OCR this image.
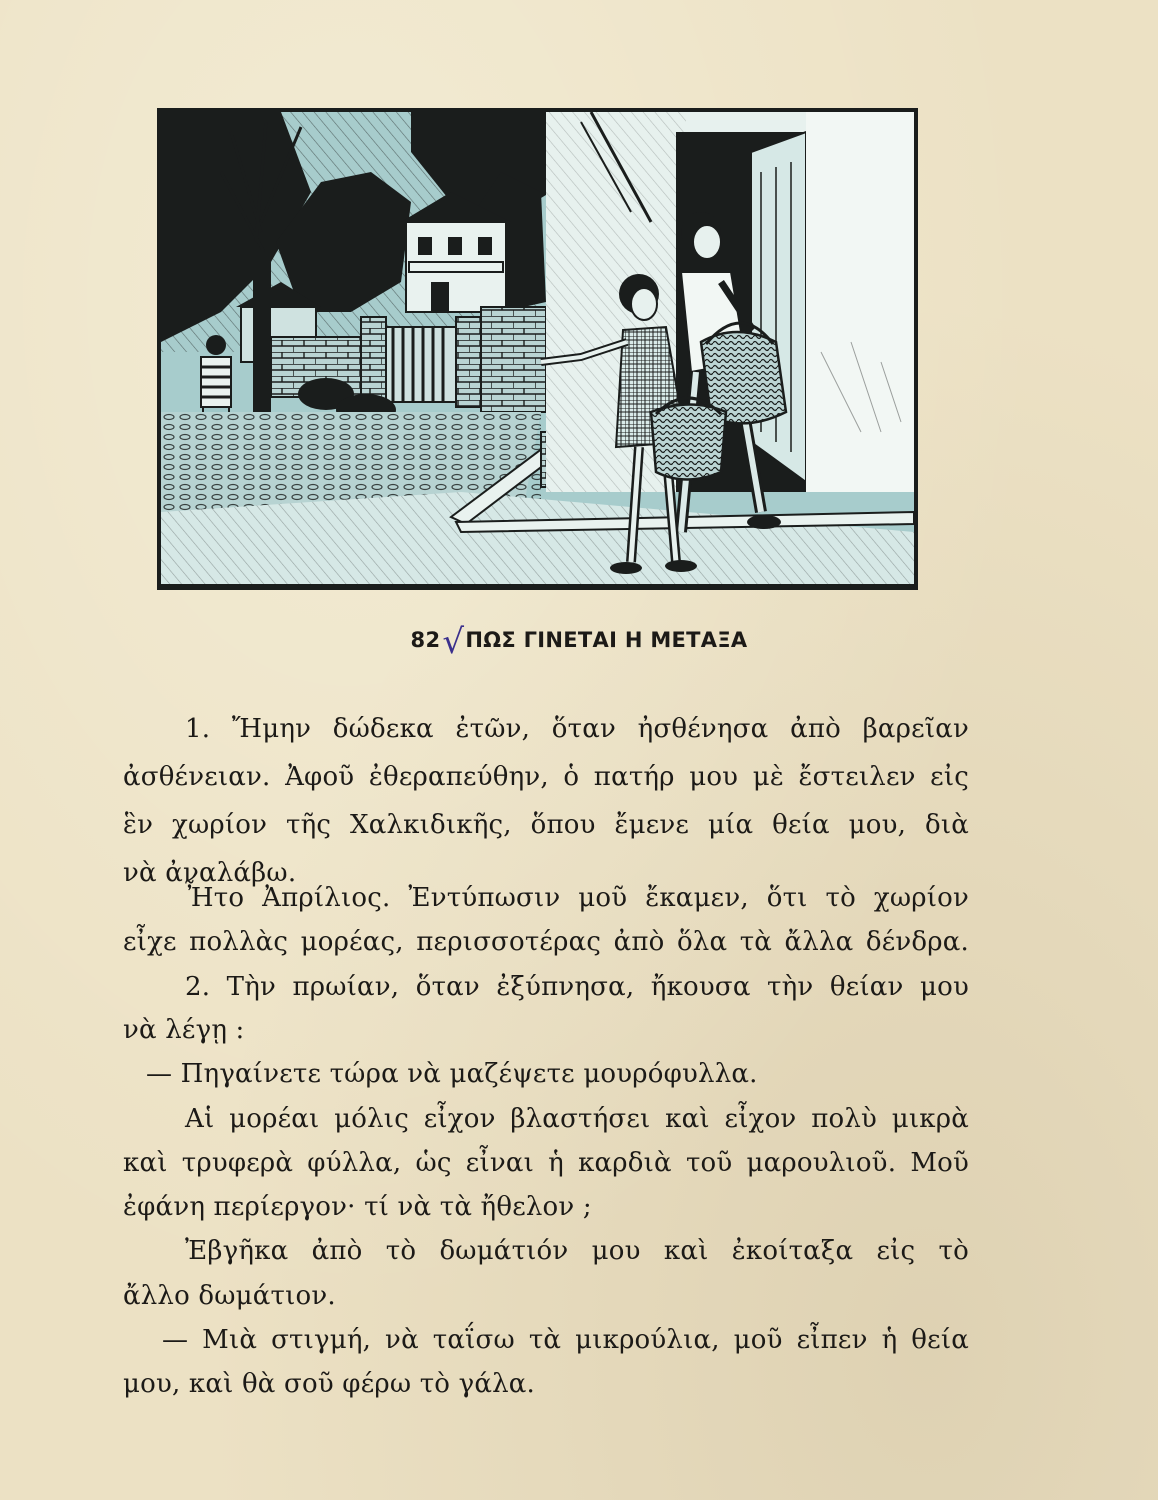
82√ΠΩΣ ΓΙΝΕΤΑΙ Η ΜΕΤΑΞΑ
1. Ἤμην δώδεκα ἐτῶν, ὅταν ἠσθένησα ἀπὸ βαρεῖαν
ἀσθένειαν. Ἀφοῦ ἐθεραπεύθην, ὁ πατήρ μου μὲ ἔστειλεν εἰς
ἓν χωρίον τῆς Χαλκιδικῆς, ὅπου ἔμενε μία θεία μου, διὰ
νὰ ἀναλάβω.
Ἦτο Ἀπρίλιος. Ἐντύπωσιν μοῦ ἔκαμεν, ὅτι τὸ χωρίον
εἶχε πολλὰς μορέας, περισσοτέρας ἀπὸ ὅλα τὰ ἄλλα δένδρα.
2. Τὴν πρωίαν, ὅταν ἐξύπνησα, ἤκουσα τὴν θείαν μου
νὰ λέγῃ :
— Πηγαίνετε τώρα νὰ μαζέψετε μουρόφυλλα.
Αἱ μορέαι μόλις εἶχον βλαστήσει καὶ εἶχον πολὺ μικρὰ
καὶ τρυφερὰ φύλλα, ὡς εἶναι ἡ καρδιὰ τοῦ μαρουλιοῦ. Μοῦ
ἐφάνη περίεργον· τί νὰ τὰ ἤθελον ;
Ἐβγῆκα ἀπὸ τὸ δωμάτιόν μου καὶ ἐκοίταξα εἰς τὸ
ἄλλο δωμάτιον.
— Μιὰ στιγμή, νὰ ταΐσω τὰ μικρούλια, μοῦ εἶπεν ἡ θεία
μου, καὶ θὰ σοῦ φέρω τὸ γάλα.
